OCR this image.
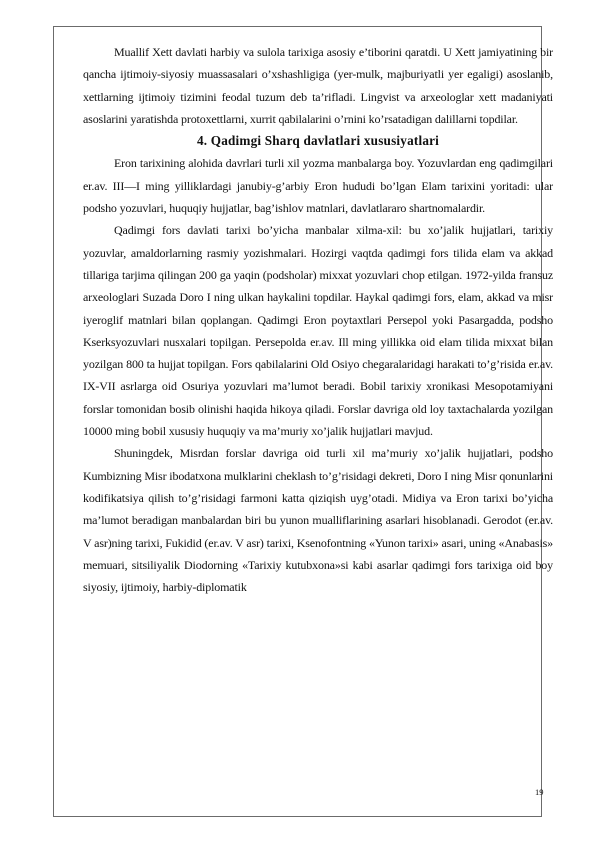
Muallif Xett davlati harbiy va sulola tarixiga asosiy e’tiborini qaratdi. U Xett jamiyatining bir qancha ijtimoiy-siyosiy muassasalari o’xshashligiga (yer-mulk, majburiyatli yer egaligi) asoslanib, xettlarning ijtimoiy tizimini feodal tuzum deb ta’rifladi. Lingvist va arxeologlar xett madaniyati asoslarini yaratishda protoxettlarni, xurrit qabilalarini o’rnini ko’rsatadigan dalillarni topdilar.

4. Qadimgi Sharq davlatlari xususiyatlari

Eron tarixining alohida davrlari turli xil yozma manbalarga boy. Yozuvlardan eng qadimgilari er.av. III—I ming yilliklardagi janubiy-g’arbiy Eron hududi bo’lgan Elam tarixini yoritadi: ular podsho yozuvlari, huquqiy hujjatlar, bag’ishlov matnlari, davlatlararo shartnomalardir.

Qadimgi fors davlati tarixi bo’yicha manbalar xilma-xil: bu xo’jalik hujjatlari, tarixiy yozuvlar, amaldorlarning rasmiy yozishmalari. Hozirgi vaqtda qadimgi fors tilida elam va akkad tillariga tarjima qilingan 200 ga yaqin (podsholar) mixxat yozuvlari chop etilgan. 1972-yilda fransuz arxeologlari Suzada Doro I ning ulkan haykalini topdilar. Haykal qadimgi fors, elam, akkad va misr iyeroglif matnlari bilan qoplangan. Qadimgi Eron poytaxtlari Persepol yoki Pasargadda, podsho Kserksyozuvlari nusxalari topilgan. Persepolda er.av. Ill ming yillikka oid elam tilida mixxat bilan yozilgan 800 ta hujjat topilgan. Fors qabilalarini Old Osiyo chegaralaridagi harakati to’g’risida er.av. IX-VII asrlarga oid Osuriya yozuvlari ma’lumot beradi. Bobil tarixiy xronikasi Mesopotamiyani forslar tomonidan bosib olinishi haqida hikoya qiladi. Forslar davriga old loy taxtachalarda yozilgan 10000 ming bobil xususiy huquqiy va ma’muriy xo’jalik hujjatlari mavjud.

Shuningdek, Misrdan forslar davriga oid turli xil ma’muriy xo’jalik hujjatlari, podsho Kumbizning Misr ibodatxona mulklarini cheklash to’g’risidagi dekreti, Doro I ning Misr qonunlarini kodifikatsiya qilish to’g’risidagi farmoni katta qiziqish uyg’otadi. Midiya va Eron tarixi bo’yicha ma’lumot beradigan manbalardan biri bu yunon mualliflarining asarlari hisoblanadi. Gerodot (er.av. V asr)ning tarixi, Fukidid (er.av. V asr) tarixi, Ksenofontning «Yunon tarixi» asari, uning «Anabasis» memuari, sitsiliyalik Diodorning «Tarixiy kutubxona»si kabi asarlar qadimgi fors tarixiga oid boy siyosiy, ijtimoiy, harbiy-diplomatik

19
